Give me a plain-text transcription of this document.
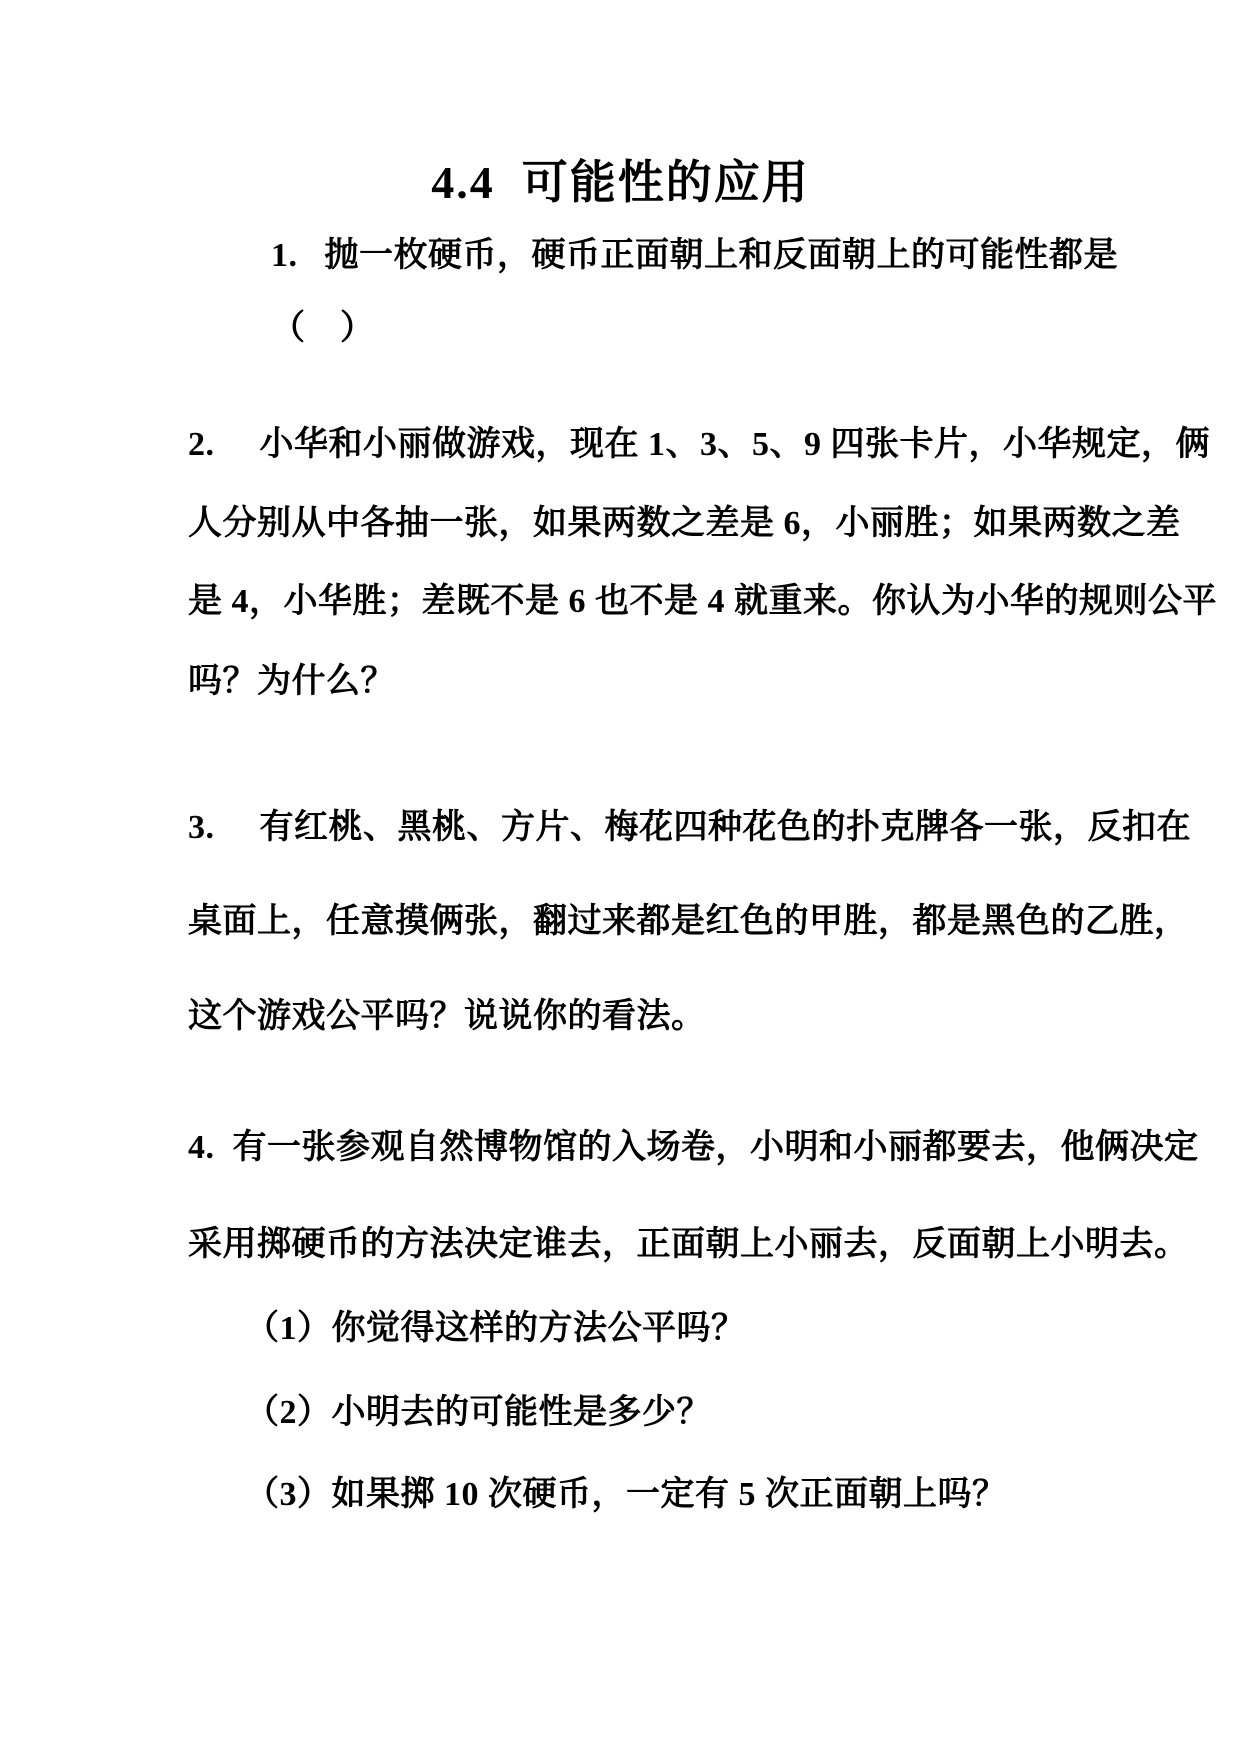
4.4  可能性的应用
1.   抛一枚硬币，硬币正面朝上和反面朝上的可能性都是
（　）
2.     小华和小丽做游戏，现在 1、3、5、9 四张卡片，小华规定，俩
人分别从中各抽一张，如果两数之差是 6，小丽胜；如果两数之差
是 4，小华胜；差既不是 6 也不是 4 就重来。你认为小华的规则公平
吗？为什么？
3.     有红桃、黑桃、方片、梅花四种花色的扑克牌各一张，反扣在
桌面上，任意摸俩张，翻过来都是红色的甲胜，都是黑色的乙胜，
这个游戏公平吗？说说你的看法。
4.  有一张参观自然博物馆的入场卷，小明和小丽都要去，他俩决定
采用掷硬币的方法决定谁去，正面朝上小丽去，反面朝上小明去。
（1）你觉得这样的方法公平吗？
（2）小明去的可能性是多少？
（3）如果掷 10 次硬币，一定有 5 次正面朝上吗？
